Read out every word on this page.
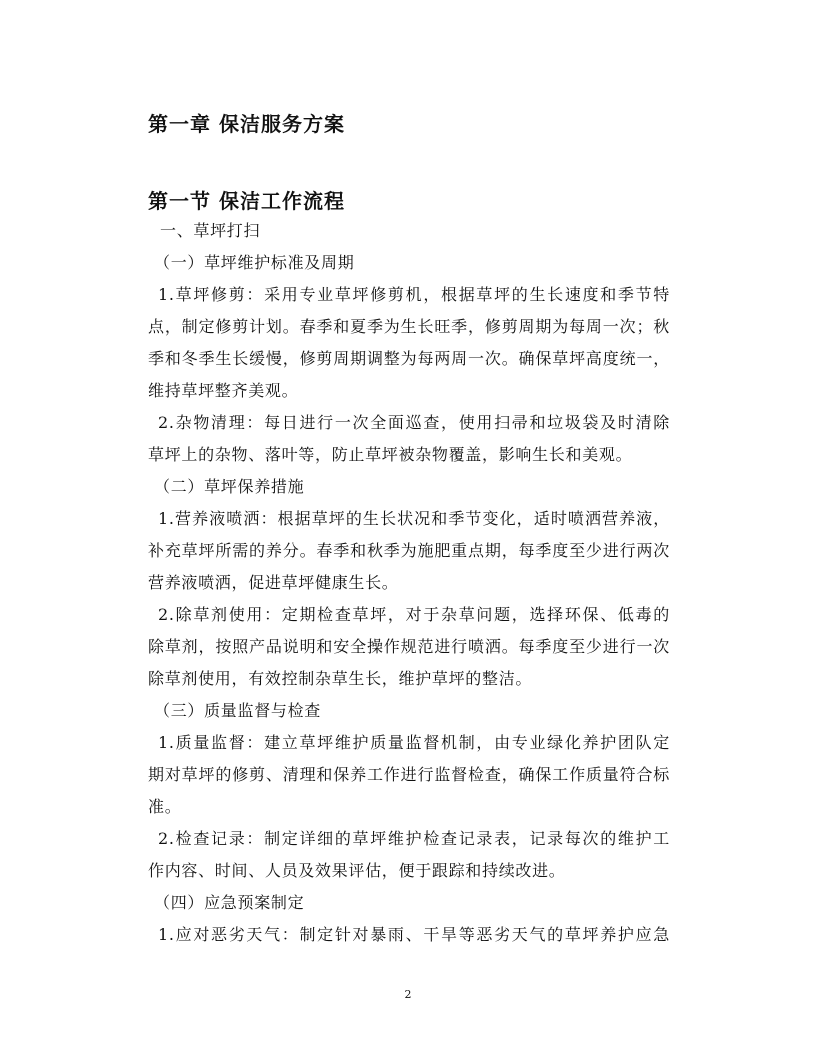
第一章 保洁服务方案
第一节 保洁工作流程
一、草坪打扫
（一）草坪维护标准及周期
1.草坪修剪：采用专业草坪修剪机，根据草坪的生长速度和季节特
点，制定修剪计划。春季和夏季为生长旺季，修剪周期为每周一次；秋
季和冬季生长缓慢，修剪周期调整为每两周一次。确保草坪高度统一，
维持草坪整齐美观。
2.杂物清理：每日进行一次全面巡查，使用扫帚和垃圾袋及时清除
草坪上的杂物、落叶等，防止草坪被杂物覆盖，影响生长和美观。
（二）草坪保养措施
1.营养液喷洒：根据草坪的生长状况和季节变化，适时喷洒营养液，
补充草坪所需的养分。春季和秋季为施肥重点期，每季度至少进行两次
营养液喷洒，促进草坪健康生长。
2.除草剂使用：定期检查草坪，对于杂草问题，选择环保、低毒的
除草剂，按照产品说明和安全操作规范进行喷洒。每季度至少进行一次
除草剂使用，有效控制杂草生长，维护草坪的整洁。
（三）质量监督与检查
1.质量监督：建立草坪维护质量监督机制，由专业绿化养护团队定
期对草坪的修剪、清理和保养工作进行监督检查，确保工作质量符合标
准。
2.检查记录：制定详细的草坪维护检查记录表，记录每次的维护工
作内容、时间、人员及效果评估，便于跟踪和持续改进。
（四）应急预案制定
1.应对恶劣天气：制定针对暴雨、干旱等恶劣天气的草坪养护应急
2
